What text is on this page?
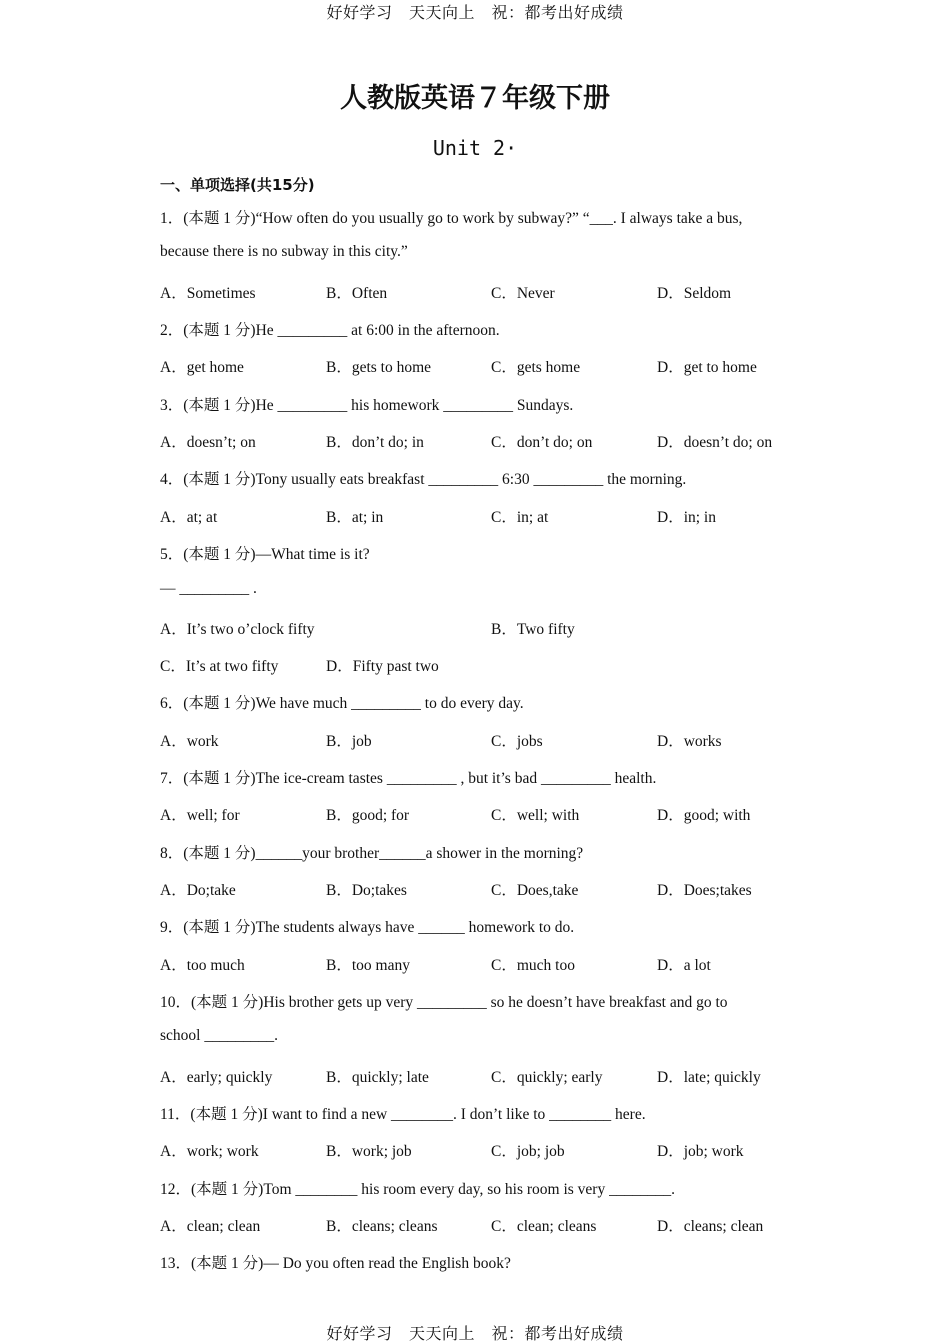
好好学习　天天向上　祝：都考出好成绩
人教版英语７年级下册
Unit 2·
一、单项选择(共15分)
1．(本题 1 分)“How often do you usually go to work by subway?” “___. I always take a bus,
because there is no subway in this city.”
A．Sometimes	B．Often	C．Never	D．Seldom
2．(本题 1 分)He _________ at 6:00 in the afternoon.
A．get home	B．gets to home	C．gets home	D．get to home
3．(本题 1 分)He _________ his homework _________ Sundays.
A．doesn’t; on	B．don’t do; in	C．don’t do; on	D．doesn’t do; on
4．(本题 1 分)Tony usually eats breakfast _________ 6:30 _________ the morning.
A．at; at	B．at; in	C．in; at	D．in; in
5．(本题 1 分)—What time is it?
— _________ .
A．It’s two o’clock fifty	B．Two fifty
C．It’s at two fifty	D．Fifty past two
6．(本题 1 分)We have much _________ to do every day.
A．work	B．job	C．jobs	D．works
7．(本题 1 分)The ice-cream tastes _________ , but it’s bad _________ health.
A．well; for	B．good; for	C．well; with	D．good; with
8．(本题 1 分)______your brother______a shower in the morning?
A．Do;take	B．Do;takes	C．Does,take	D．Does;takes
9．(本题 1 分)The students always have ______ homework to do.
A．too much	B．too many	C．much too	D．a lot
10．(本题 1 分)His brother gets up very _________ so he doesn’t have breakfast and go to
school _________.
A．early; quickly	B．quickly; late	C．quickly; early	D．late; quickly
11．(本题 1 分)I want to find a new ________. I don’t like to ________ here.
A．work; work	B．work; job	C．job; job	D．job; work
12．(本题 1 分)Tom ________ his room every day, so his room is very ________.
A．clean; clean	B．cleans; cleans	C．clean; cleans	D．cleans; clean
13．(本题 1 分)— Do you often read the English book?
好好学习　天天向上　祝：都考出好成绩
